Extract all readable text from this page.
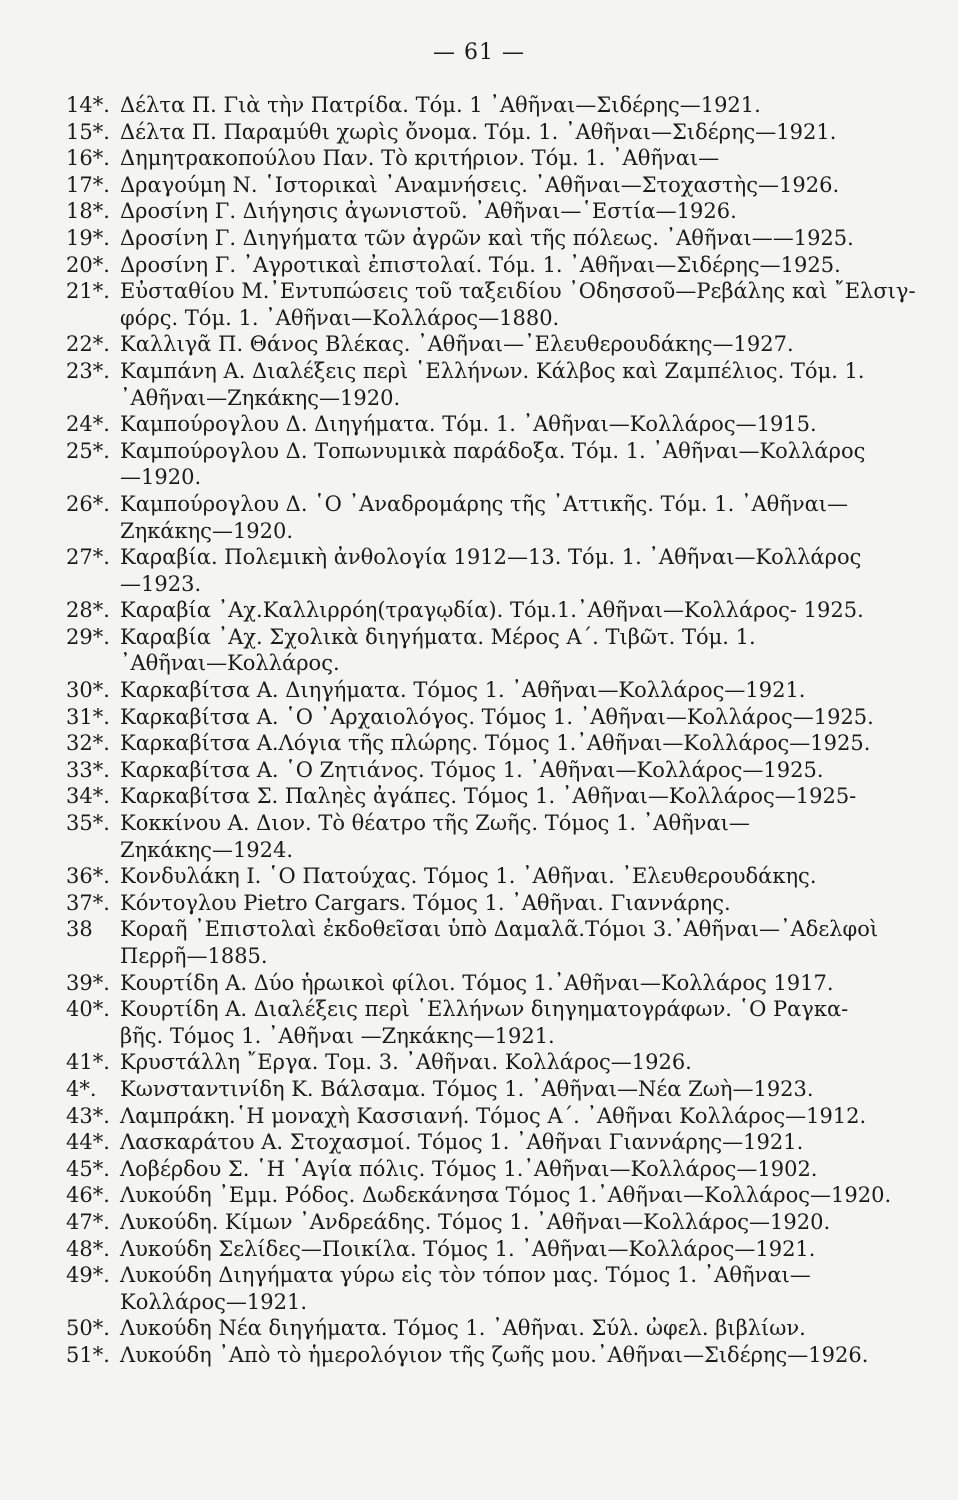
— 61 —
14*. Δέλτα Π. Γιὰ τὴν Πατρίδα. Τόμ. 1 ᾿Αθῆναι—Σιδέρης—1921.
15*. Δέλτα Π. Παραμύθι χωρὶς ὄνομα. Τόμ. 1. ᾿Αθῆναι—Σιδέρης—1921.
16*. Δημητρακοπούλου Παν. Τὸ κριτήριον. Τόμ. 1. ᾿Αθῆναι—
17*. Δραγούμη Ν. ῾Ιστορικαὶ ᾿Αναμνήσεις. ᾿Αθῆναι—Στοχαστὴς—1926.
18*. Δροσίνη Γ. Διήγησις ἀγωνιστοῦ. ᾿Αθῆναι—῾Εστία—1926.
19*. Δροσίνη Γ. Διηγήματα τῶν ἀγρῶν καὶ τῆς πόλεως. ᾿Αθῆναι——1925.
20*. Δροσίνη Γ. ᾿Αγροτικαὶ ἐπιστολαί. Τόμ. 1. ᾿Αθῆναι—Σιδέρης—1925.
21*. Εὐσταθίου Μ.᾿Εντυπώσεις τοῦ ταξειδίου ᾿Οδησσοῦ—Ρεβάλης καὶ ῎Ελσιγ-
φόρς. Τόμ. 1. ᾿Αθῆναι—Κολλάρος—1880.
22*. Καλλιγᾶ Π. Θάνος Βλέκας. ᾿Αθῆναι—᾿Ελευθερουδάκης—1927.
23*. Καμπάνη Α. Διαλέξεις περὶ ῾Ελλήνων. Κάλβος καὶ Ζαμπέλιος. Τόμ. 1.
᾿Αθῆναι—Ζηκάκης—1920.
24*. Καμπούρογλου Δ. Διηγήματα. Τόμ. 1. ᾿Αθῆναι—Κολλάρος—1915.
25*. Καμπούρογλου Δ. Τοπωνυμικὰ παράδοξα. Τόμ. 1. ᾿Αθῆναι—Κολλάρος
—1920.
26*. Καμπούρογλου Δ. ῾Ο ᾿Αναδρομάρης τῆς ᾿Αττικῆς. Τόμ. 1. ᾿Αθῆναι—
Ζηκάκης—1920.
27*. Καραβία. Πολεμικὴ ἀνθολογία 1912—13. Τόμ. 1. ᾿Αθῆναι—Κολλάρος
—1923.
28*. Καραβία ᾿Αχ.Καλλιρρόη(τραγῳδία). Τόμ.1.᾿Αθῆναι—Κολλάρος- 1925.
29*. Καραβία ᾿Αχ. Σχολικὰ διηγήματα. Μέρος Α΄. Τιβῶτ. Τόμ. 1.
᾿Αθῆναι—Κολλάρος.
30*. Καρκαβίτσα Α. Διηγήματα. Τόμος 1. ᾿Αθῆναι—Κολλάρος—1921.
31*. Καρκαβίτσα Α. ῾Ο ᾿Αρχαιολόγος. Τόμος 1. ᾿Αθῆναι—Κολλάρος—1925.
32*. Καρκαβίτσα Α.Λόγια τῆς πλώρης. Τόμος 1.᾿Αθῆναι—Κολλάρος—1925.
33*. Καρκαβίτσα Α. ῾Ο Ζητιάνος. Τόμος 1. ᾿Αθῆναι—Κολλάρος—1925.
34*. Καρκαβίτσα Σ. Παληὲς ἀγάπες. Τόμος 1. ᾿Αθῆναι—Κολλάρος—1925-
35*. Κοκκίνου Α. Διον. Τὸ θέατρο τῆς Ζωῆς. Τόμος 1. ᾿Αθῆναι—
Ζηκάκης—1924.
36*. Κονδυλάκη Ι. ῾Ο Πατούχας. Τόμος 1. ᾿Αθῆναι. ᾿Ελευθερουδάκης.
37*. Κόντογλου Pietro Cargars. Τόμος 1. ᾿Αθῆναι. Γιαννάρης.
38	Κοραῆ ᾿Επιστολαὶ ἐκδοθεῖσαι ὑπὸ Δαμαλᾶ.Τόμοι 3.᾿Αθῆναι—᾿Αδελφοὶ
Περρῆ—1885.
39*. Κουρτίδη Α. Δύο ἡρωικοὶ φίλοι. Τόμος 1.᾿Αθῆναι—Κολλάρος 1917.
40*. Κουρτίδη Α. Διαλέξεις περὶ ῾Ελλήνων διηγηματογράφων. ῾Ο Ραγκα-
βῆς. Τόμος 1. ᾿Αθῆναι —Ζηκάκης—1921.
41*. Κρυστάλλη ῎Εργα. Τομ. 3. ᾿Αθῆναι. Κολλάρος—1926.
4*.	Κωνσταντινίδη Κ. Βάλσαμα. Τόμος 1. ᾿Αθῆναι—Νέα Ζωὴ—1923.
43*. Λαμπράκη.῾Η μοναχὴ Κασσιανή. Τόμος Α΄. ᾿Αθῆναι Κολλάρος—1912.
44*. Λασκαράτου Α. Στοχασμοί. Τόμος 1. ᾿Αθῆναι Γιαννάρης—1921.
45*. Λοβέρδου Σ. ῾Η ῾Αγία πόλις. Τόμος 1.᾿Αθῆναι—Κολλάρος—1902.
46*. Λυκούδη ᾿Εμμ. Ρόδος. Δωδεκάνησα Τόμος 1.᾿Αθῆναι—Κολλάρος—1920.
47*. Λυκούδη. Κίμων ᾿Ανδρεάδης. Τόμος 1. ᾿Αθῆναι—Κολλάρος—1920.
48*. Λυκούδη Σελίδες—Ποικίλα. Τόμος 1. ᾿Αθῆναι—Κολλάρος—1921.
49*. Λυκούδη Διηγήματα γύρω εἰς τὸν τόπον μας. Τόμος 1. ᾿Αθῆναι—
Κολλάρος—1921.
50*. Λυκούδη Νέα διηγήματα. Τόμος 1. ᾿Αθῆναι. Σύλ. ὠφελ. βιβλίων.
51*. Λυκούδη ᾿Απὸ τὸ ἡμερολόγιον τῆς ζωῆς μου.᾿Αθῆναι—Σιδέρης—1926.
